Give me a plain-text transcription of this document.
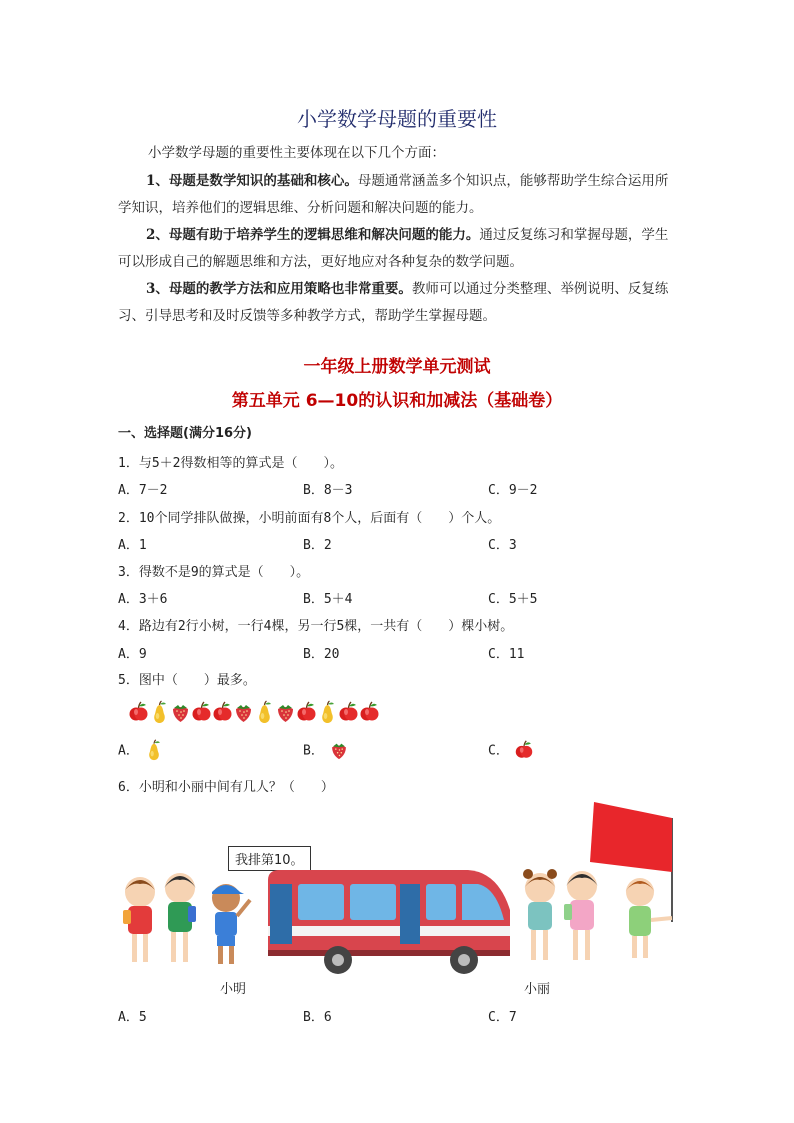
小学数学母题的重要性
小学数学母题的重要性主要体现在以下几个方面：
1、母题是数学知识的基础和核心。母题通常涵盖多个知识点，能够帮助学生综合运用所学知识，培养他们的逻辑思维、分析问题和解决问题的能力。
2、母题有助于培养学生的逻辑思维和解决问题的能力。通过反复练习和掌握母题，学生可以形成自己的解题思维和方法，更好地应对各种复杂的数学问题。
3、母题的教学方法和应用策略也非常重要。教师可以通过分类整理、举例说明、反复练习、引导思考和及时反馈等多种教学方式，帮助学生掌握母题。
一年级上册数学单元测试
第五单元 6—10的认识和加减法（基础卷）
一、选择题(满分16分)
1．与5＋2得数相等的算式是（　　）。
A．7－2	B．8－3	C．9－2
2．10个同学排队做操，小明前面有8个人，后面有（　　）个人。
A．1	B．2	C．3
3．得数不是9的算式是（　　）。
A．3＋6	B．5＋4	C．5＋5
4．路边有2行小树，一行4棵，另一行5棵，一共有（　　）棵小树。
A．9	B．20	C．11
5．图中（　　）最多。
A．	B．	C．
6．小明和小丽中间有几人？（　　）
我排第10。
小明	小丽
A．5	B．6	C．7
